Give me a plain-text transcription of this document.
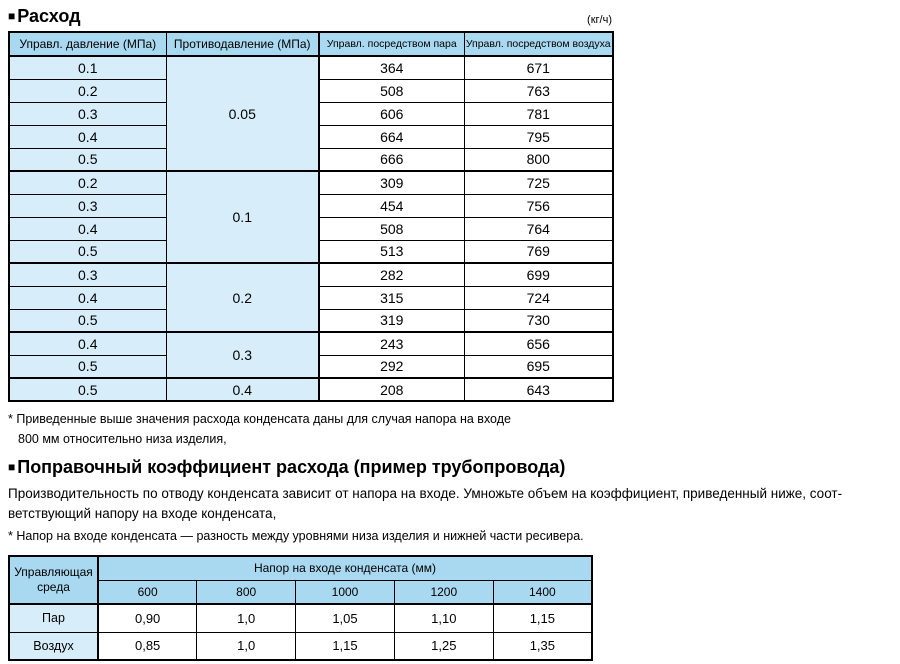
■ Расход	(кг/ч)
Управл. давление (МПа)	Противодавление (МПа)	Управл. посредством пара	Управл. посредством воздуха
0.1	0.05	364	671
0.2		508	763
0.3		606	781
0.4		664	795
0.5		666	800
0.2	0.1	309	725
0.3		454	756
0.4		508	764
0.5		513	769
0.3	0.2	282	699
0.4		315	724
0.5		319	730
0.4	0.3	243	656
0.5		292	695
0.5	0.4	208	643
* Приведенные выше значения расхода конденсата даны для случая напора на входе
800 мм относительно низа изделия,
■ Поправочный коэффициент расхода (пример трубопровода)

Производительность по отводу конденсата зависит от напора на входе. Умножьте объем на коэффициент, приведенный ниже, соот-
ветствующий напору на входе конденсата,

* Напор на входе конденсата — разность между уровнями низа изделия и нижней части ресивера.
Управляющая среда	Напор на входе конденсата (мм)				
	600	800	1000	1200	1400
Пар	0,90	1,0	1,05	1,10	1,15
Воздух	0,85	1,0	1,15	1,25	1,35
